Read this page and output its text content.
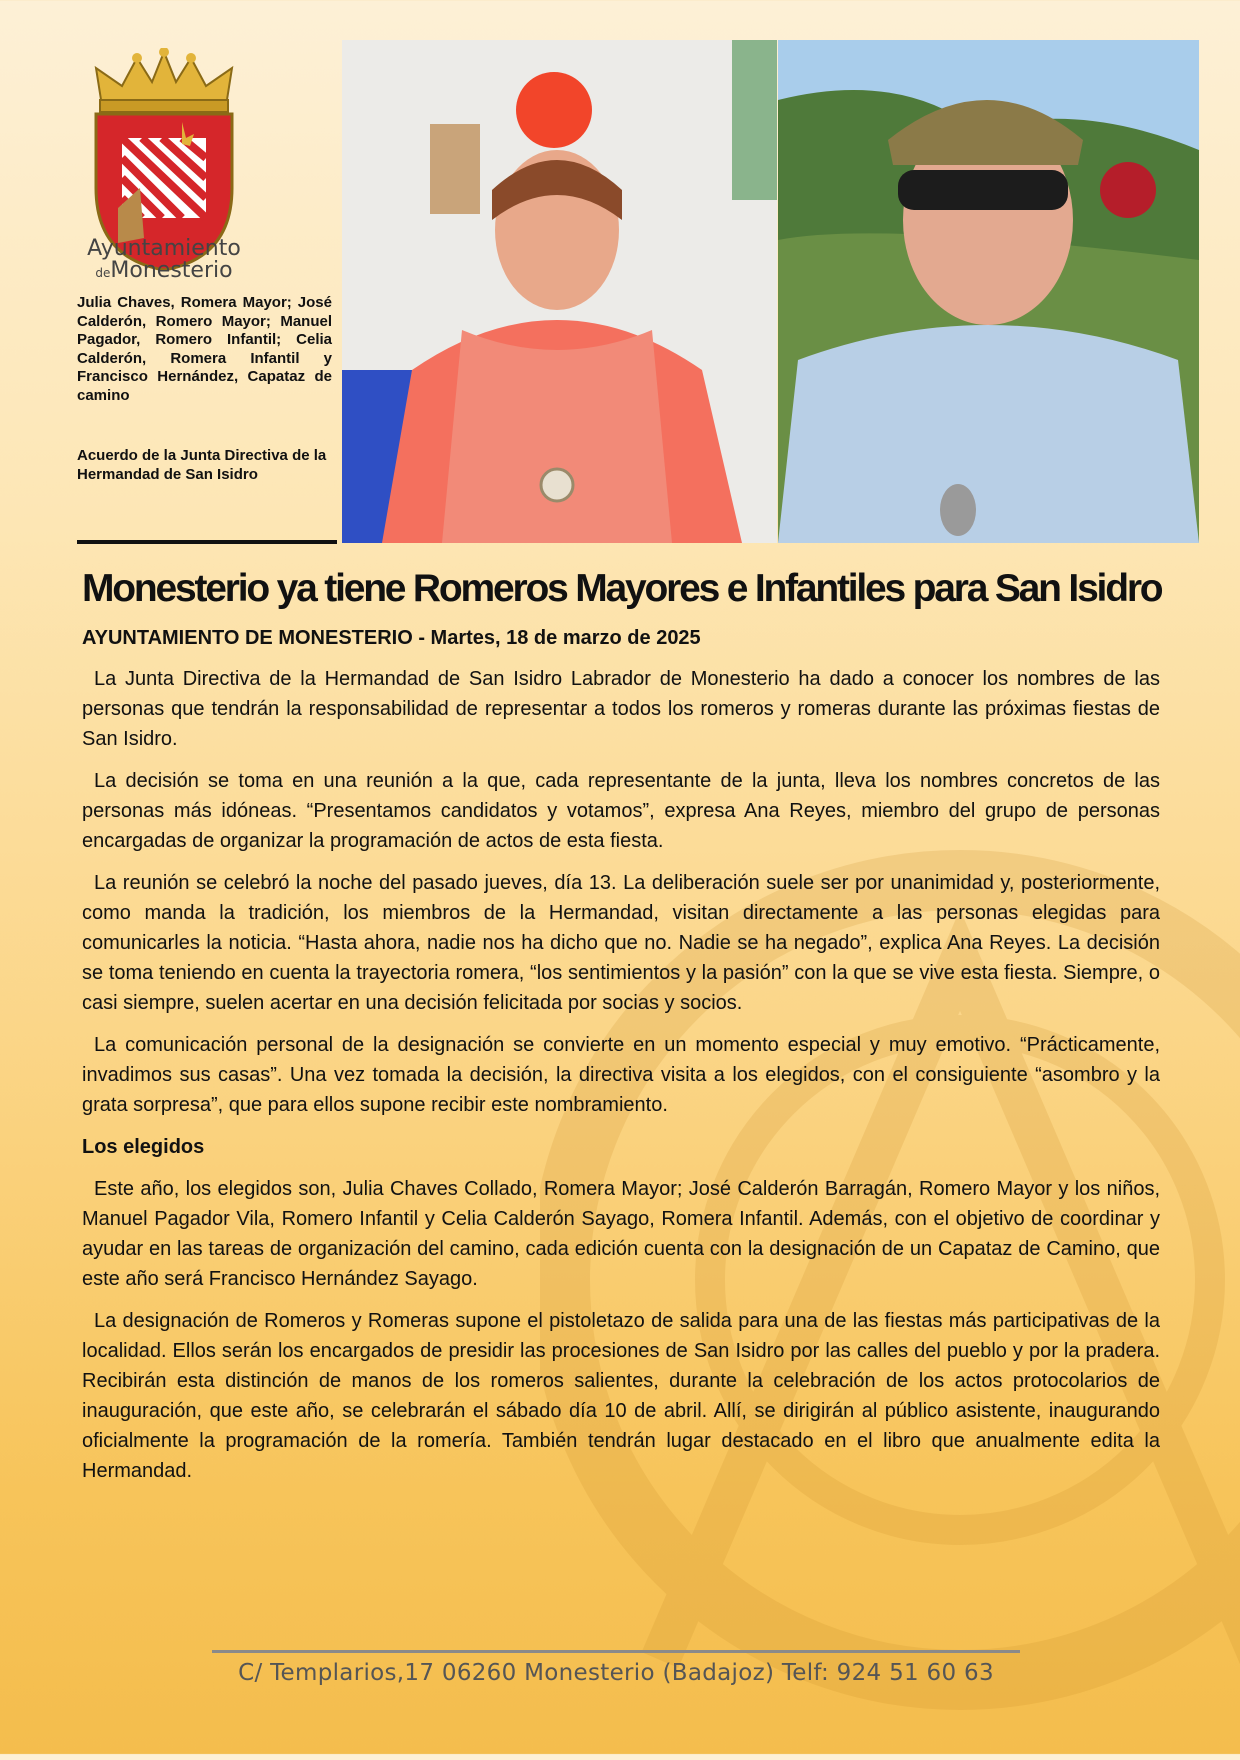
Ayuntamiento
deMonesterio

Julia Chaves, Romera Mayor; José Calderón, Romero Mayor; Manuel Pagador, Romero Infantil; Celia Calderón, Romera Infantil y Francisco Hernández, Capataz de camino

Acuerdo de la Junta Directiva de la Hermandad de San Isidro

Monesterio ya tiene Romeros Mayores e Infantiles para San Isidro

AYUNTAMIENTO DE MONESTERIO - Martes, 18 de marzo de 2025

La Junta Directiva de la Hermandad de San Isidro Labrador de Monesterio ha dado a conocer los nombres de las personas que tendrán la responsabilidad de representar a todos los romeros y romeras durante las próximas fiestas de San Isidro.

La decisión se toma en una reunión a la que, cada representante de la junta, lleva los nombres concretos de las personas más idóneas. “Presentamos candidatos y votamos”, expresa Ana Reyes, miembro del grupo de personas encargadas de organizar la programación de actos de esta fiesta.

La reunión se celebró la noche del pasado jueves, día 13. La deliberación suele ser por unanimidad y, posteriormente, como manda la tradición, los miembros de la Hermandad, visitan directamente a las personas elegidas para comunicarles la noticia. “Hasta ahora, nadie nos ha dicho que no. Nadie se ha negado”, explica Ana Reyes. La decisión se toma teniendo en cuenta la trayectoria romera, “los sentimientos y la pasión” con la que se vive esta fiesta. Siempre, o casi siempre, suelen acertar en una decisión felicitada por socias y socios.

La comunicación personal de la designación se convierte en un momento especial y muy emotivo. “Prácticamente, invadimos sus casas”. Una vez tomada la decisión, la directiva visita a los elegidos, con el consiguiente “asombro y la grata sorpresa”, que para ellos supone recibir este nombramiento.

Los elegidos

Este año, los elegidos son, Julia Chaves Collado, Romera Mayor; José Calderón Barragán, Romero Mayor y los niños, Manuel Pagador Vila, Romero Infantil y Celia Calderón Sayago, Romera Infantil. Además, con el objetivo de coordinar y ayudar en las tareas de organización del camino, cada edición cuenta con la designación de un Capataz de Camino, que este año será Francisco Hernández Sayago.

La designación de Romeros y Romeras supone el pistoletazo de salida para una de las fiestas más participativas de la localidad. Ellos serán los encargados de presidir las procesiones de San Isidro por las calles del pueblo y por la pradera. Recibirán esta distinción de manos de los romeros salientes, durante la celebración de los actos protocolarios de inauguración, que este año, se celebrarán el sábado día 10 de abril. Allí, se dirigirán al público asistente, inaugurando oficialmente la programación de la romería. También tendrán lugar destacado en el libro que anualmente edita la Hermandad.

C/ Templarios,17 06260 Monesterio (Badajoz) Telf: 924 51 60 63
